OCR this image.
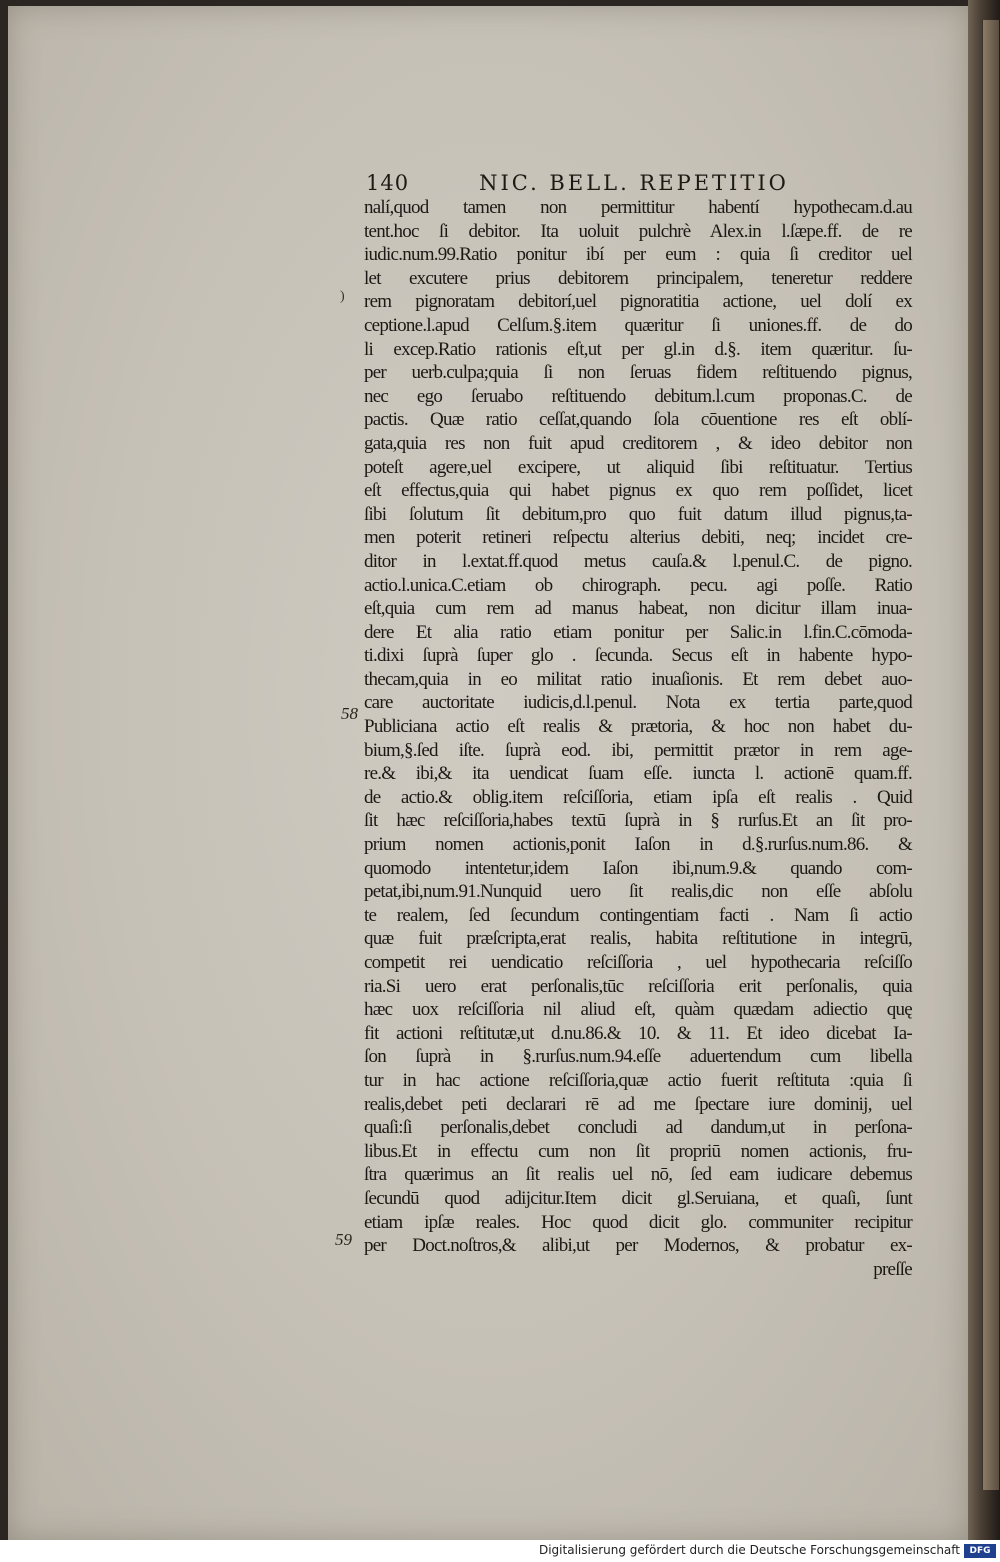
140	NIC. BELL. REPETITIO
)
58
59
nalí,quod tamen non permittitur habentí hypothecam.d.au
tent.hoc ſi debitor. Ita uoluit pulchrè Alex.in l.ſæpe.ff. de re
iudic.num.99.Ratio ponitur ibí per eum : quia ſi creditor uel
let excutere prius debitorem principalem, teneretur reddere
rem pignoratam debitorí,uel pignoratitia actione, uel dolí ex
ceptione.l.apud Celſum.§.item quæritur ſi uniones.ff. de do
li excep.Ratio rationis eſt,ut per gl.in d.§. item quæritur. ſu-
per uerb.culpa;quia ſi non ſeruas fidem reſtituendo pignus,
nec ego ſeruabo reſtituendo debitum.l.cum proponas.C. de
pactis. Quæ ratio ceſſat,quando ſola cōuentione res eſt oblí-
gata,quia res non fuit apud creditorem , & ideo debitor non
poteſt agere,uel excipere, ut aliquid ſibi reſtituatur. Tertius
eſt effectus,quia qui habet pignus ex quo rem poſſidet, licet
ſibi ſolutum ſit debitum,pro quo fuit datum illud pignus,ta-
men poterit retineri reſpectu alterius debiti, neq; incidet cre-
ditor in l.extat.ff.quod metus cauſa.& l.penul.C. de pigno.
actio.l.unica.C.etiam ob chirograph. pecu. agi poſſe. Ratio
eſt,quia cum rem ad manus habeat, non dicitur illam inua-
dere Et alia ratio etiam ponitur per Salic.in l.fin.C.cōmoda-
ti.dixi ſuprà ſuper glo . ſecunda. Secus eſt in habente hypo-
thecam,quia in eo militat ratio inuaſionis. Et rem debet auo-
care auctoritate iudicis,d.l.penul. Nota ex tertia parte,quod
Publiciana actio eſt realis & prætoria, & hoc non habet du-
bium,§.ſed iſte. ſuprà eod. ibi, permittit prætor in rem age-
re.& ibi,& ita uendicat ſuam eſſe. iuncta l. actionē quam.ff.
de actio.& oblig.item reſciſſoria, etiam ipſa eſt realis . Quid
ſit hæc reſciſſoria,habes textū ſuprà in § rurſus.Et an ſit pro-
prium nomen actionis,ponit Iaſon in d.§.rurſus.num.86. &
quomodo intentetur,idem Iaſon ibi,num.9.& quando com-
petat,ibi,num.91.Nunquid uero ſit realis,dic non eſſe abſolu
te realem, ſed ſecundum contingentiam facti . Nam ſi actio
quæ fuit præſcripta,erat realis, habita reſtitutione in integrū,
competit rei uendicatio reſciſſoria , uel hypothecaria reſciſſo
ria.Si uero erat perſonalis,tūc reſciſſoria erit perſonalis, quia
hæc uox reſciſſoria nil aliud eſt, quàm quædam adiectio quę
fit actioni reſtitutæ,ut d.nu.86.& 10. & 11. Et ideo dicebat Ia-
ſon ſuprà in §.rurſus.num.94.eſſe aduertendum cum libella
tur in hac actione reſciſſoria,quæ actio fuerit reſtituta :quia ſi
realis,debet peti declarari rē ad me ſpectare iure dominij, uel
quaſi:ſi perſonalis,debet concludi ad dandum,ut in perſona-
libus.Et in effectu cum non ſit propriū nomen actionis, fru-
ſtra quærimus an ſit realis uel nō, ſed eam iudicare debemus
ſecundū quod adijcitur.Item dicit gl.Seruiana, et quaſi, ſunt
etiam ipſæ reales. Hoc quod dicit glo. communiter recipitur
per Doct.noſtros,& alibi,ut per Modernos, & probatur ex-
preſſe
Digitalisierung gefördert durch die Deutsche Forschungsgemeinschaft	DFG
